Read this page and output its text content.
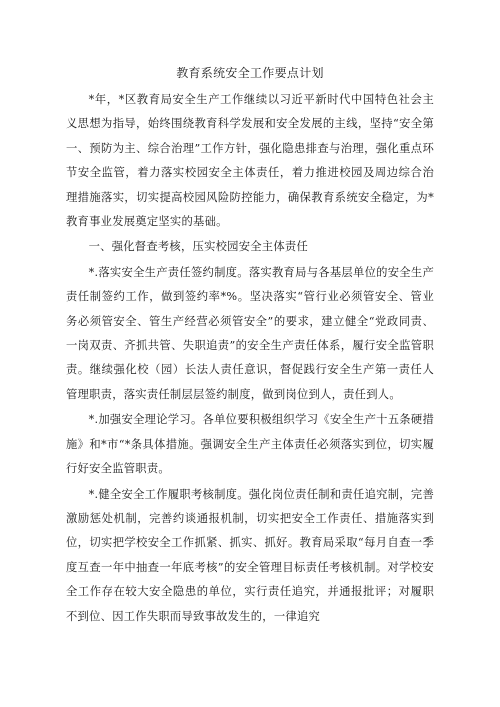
教育系统安全工作要点计划

*年，*区教育局安全生产工作继续以习近平新时代中国特色社会主义思想为指导，始终围绕教育科学发展和安全发展的主线，坚持“安全第一、预防为主、综合治理”工作方针，强化隐患排查与治理，强化重点环节安全监管，着力落实校园安全主体责任，着力推进校园及周边综合治理措施落实，切实提高校园风险防控能力，确保教育系统安全稳定，为*教育事业发展奠定坚实的基础。

一、强化督查考核，压实校园安全主体责任

*.落实安全生产责任签约制度。落实教育局与各基层单位的安全生产责任制签约工作，做到签约率*%。坚决落实“管行业必须管安全、管业务必须管安全、管生产经营必须管安全”的要求，建立健全“党政同责、一岗双责、齐抓共管、失职追责”的安全生产责任体系，履行安全监管职责。继续强化校（园）长法人责任意识，督促践行安全生产第一责任人管理职责，落实责任制层层签约制度，做到岗位到人，责任到人。

*.加强安全理论学习。各单位要积极组织学习《安全生产十五条硬措施》和*市“*条具体措施。强调安全生产主体责任必须落实到位，切实履行好安全监管职责。

*.健全安全工作履职考核制度。强化岗位责任制和责任追究制，完善激励惩处机制，完善约谈通报机制，切实把安全工作责任、措施落实到位，切实把学校安全工作抓紧、抓实、抓好。教育局采取“每月自查一季度互查一年中抽查一年底考核”的安全管理目标责任考核机制。对学校安全工作存在较大安全隐患的单位，实行责任追究，并通报批评；对履职不到位、因工作失职而导致事故发生的，一律追究
